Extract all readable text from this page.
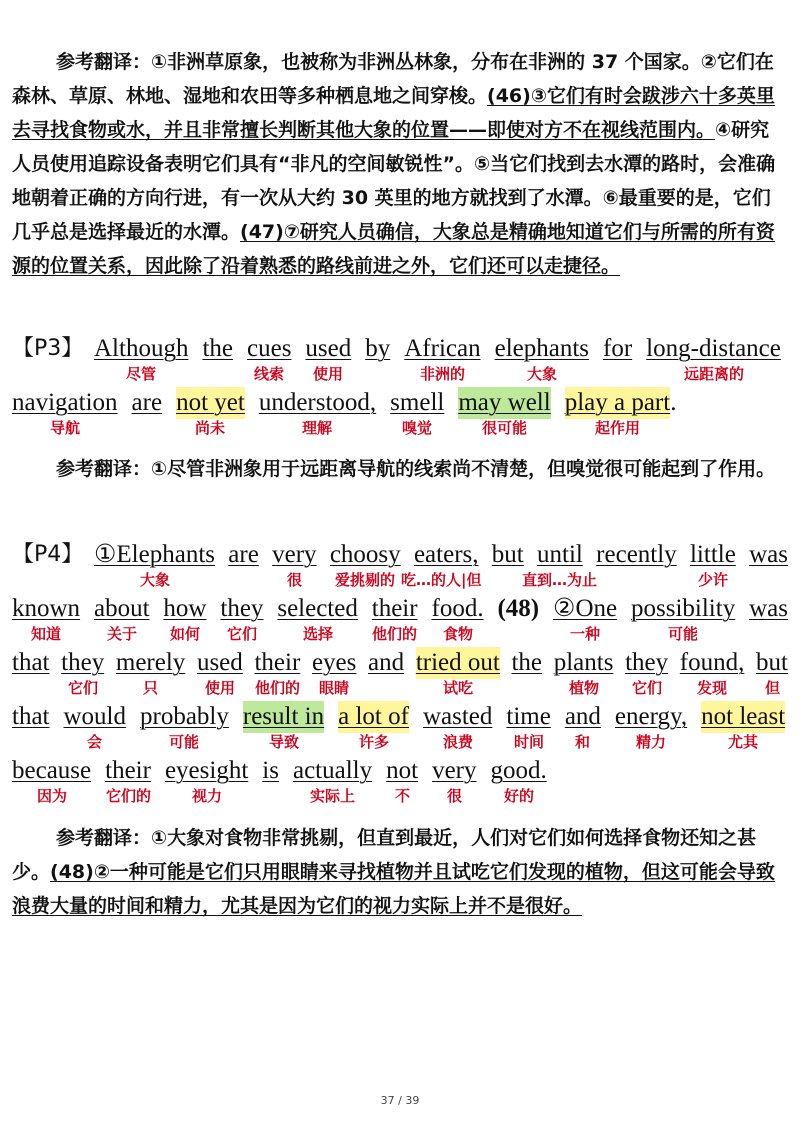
参考翻译：①非洲草原象，也被称为非洲丛林象，分布在非洲的 37 个国家。②它们在森林、草原、林地、湿地和农田等多种栖息地之间穿梭。(46)③它们有时会跋涉六十多英里去寻找食物或水，并且非常擅长判断其他大象的位置——即使对方不在视线范围内。④研究人员使用追踪设备表明它们具有“非凡的空间敏锐性”。⑤当它们找到去水潭的路时，会准确地朝着正确的方向行进，有一次从大约 30 英里的地方就找到了水潭。⑥最重要的是，它们几乎总是选择最近的水潭。(47)⑦研究人员确信，大象总是精确地知道它们与所需的所有资源的位置关系，因此除了沿着熟悉的路线前进之外，它们还可以走捷径。

【P3】 Although
尽管
the cues
线索
used
使用
by African
非洲的
elephants
大象
for long-distance
远距离的
navigation
导航
are not yet
尚未
understood,
理解
smell
嗅觉
may well
很可能
play a part
起作用
.

参考翻译：①尽管非洲象用于远距离导航的线索尚不清楚，但嗅觉很可能起到了作用。

【P4】 ①Elephants
大象
are very
很
choosy
爱挑剔的
eaters,
吃…的人|但
but until
直到…为止
recently little
少许
was
known
知道
about
关于
how
如何
they
它们
selected
选择
their
他们的
food.
食物
(48) ②One
一种
possibility
可能
was
that they
它们
merely
只
used
使用
their
他们的
eyes
眼睛
and tried out
试吃
the plants
植物
they
它们
found,
发现
but
但
that would
会
probably
可能
result in
导致
a lot of
许多
wasted
浪费
time
时间
and
和
energy,
精力
not least
尤其
because
因为
their
它们的
eyesight
视力
is actually
实际上
not
不
very
很
good.
好的

参考翻译：①大象对食物非常挑剔，但直到最近，人们对它们如何选择食物还知之甚少。(48)②一种可能是它们只用眼睛来寻找植物并且试吃它们发现的植物，但这可能会导致浪费大量的时间和精力，尤其是因为它们的视力实际上并不是很好。

37 / 39
